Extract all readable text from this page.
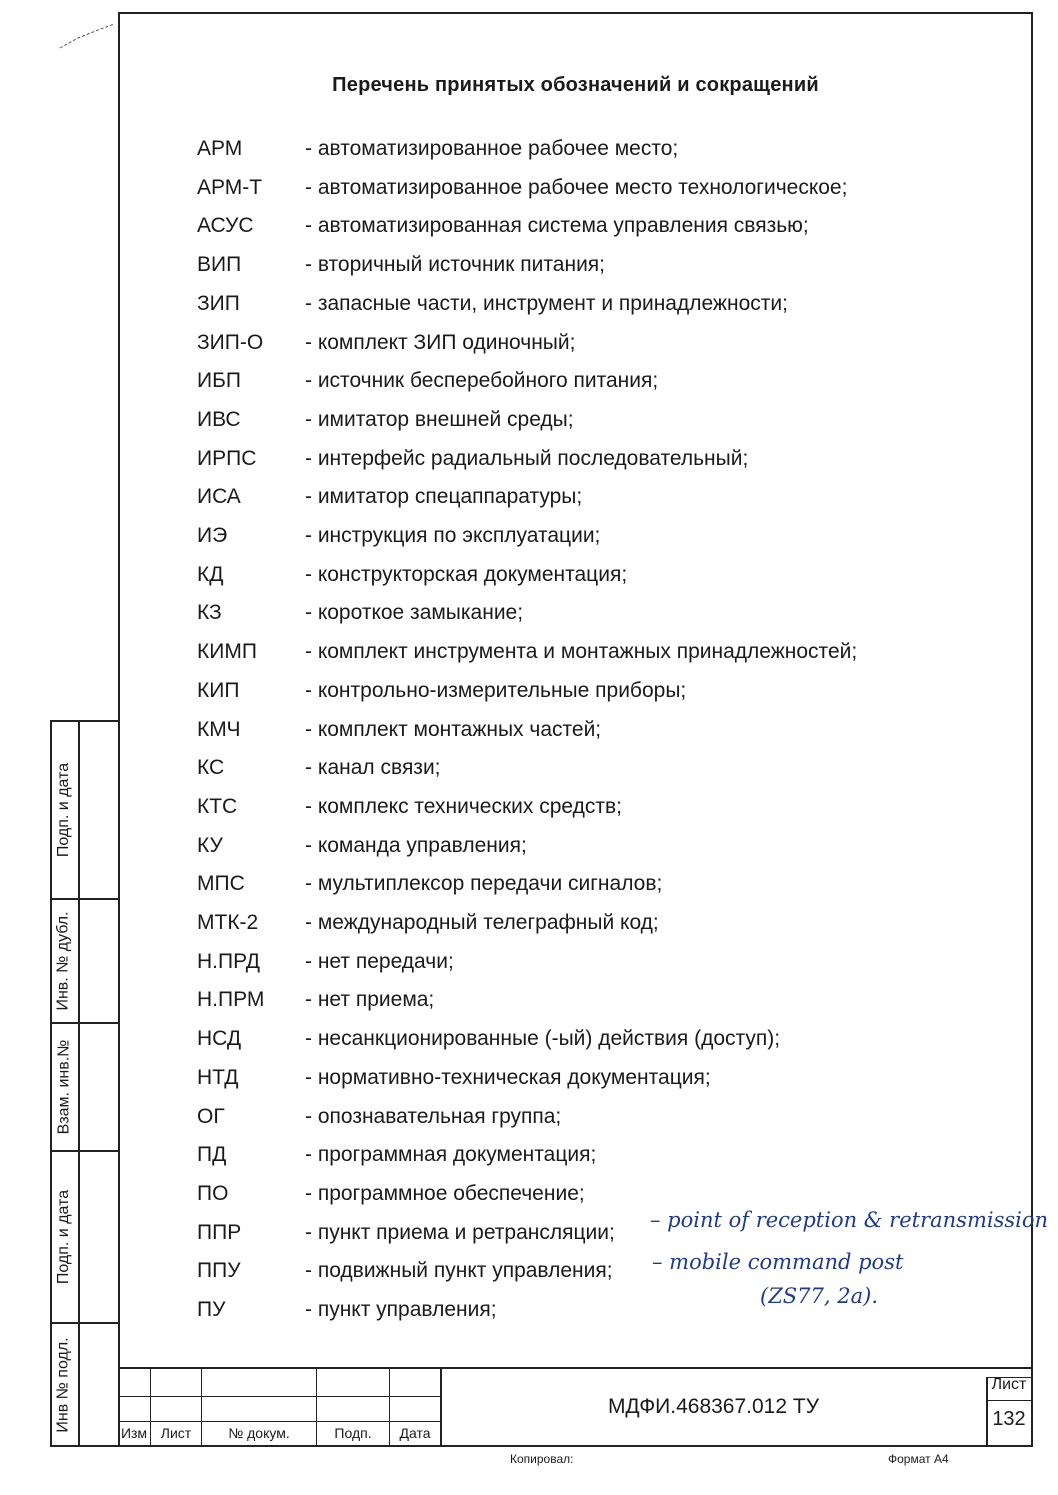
Перечень принятых обозначений и сокращений
АРМ	- автоматизированное рабочее место;
АРМ-Т - автоматизированное рабочее место технологическое;
АСУС - автоматизированная система управления связью;
ВИП	- вторичный источник питания;
ЗИП	- запасные части, инструмент и принадлежности;
ЗИП-О - комплект ЗИП одиночный;
ИБП	- источник бесперебойного питания;
ИВС	- имитатор внешней среды;
ИРПС - интерфейс радиальный последовательный;
ИСА	- имитатор спецаппаратуры;
ИЭ	- инструкция по эксплуатации;
КД	- конструкторская документация;
КЗ	- короткое замыкание;
КИМП - комплект инструмента и монтажных принадлежностей;
КИП	- контрольно-измерительные приборы;
КМЧ	- комплект монтажных частей;
КС	- канал связи;
КТС	- комплекс технических средств;
КУ	- команда управления;
МПС	- мультиплексор передачи сигналов;
МТК-2 - международный телеграфный код;
Н.ПРД - нет передачи;
Н.ПРМ - нет приема;
НСД	- несанкционированные (-ый) действия (доступ);
НТД	- нормативно-техническая документация;
ОГ	- опознавательная группа;
ПД	- программная документация;
ПО	- программное обеспечение;
ППР	- пункт приема и ретрансляции;
ППУ	- подвижный пункт управления;
ПУ	- пункт управления;
– point of reception & retransmission
– mobile command post
(ZS77, 2a).
Подп. и дата
Инв. № дубл.
Взам. инв.№
Подп. и дата
Инв № подл.
Изм Лист	№ докум.	Подп.	Дата
МДФИ.468367.012 ТУ
Лист
132
Копировал:	Формат А4
